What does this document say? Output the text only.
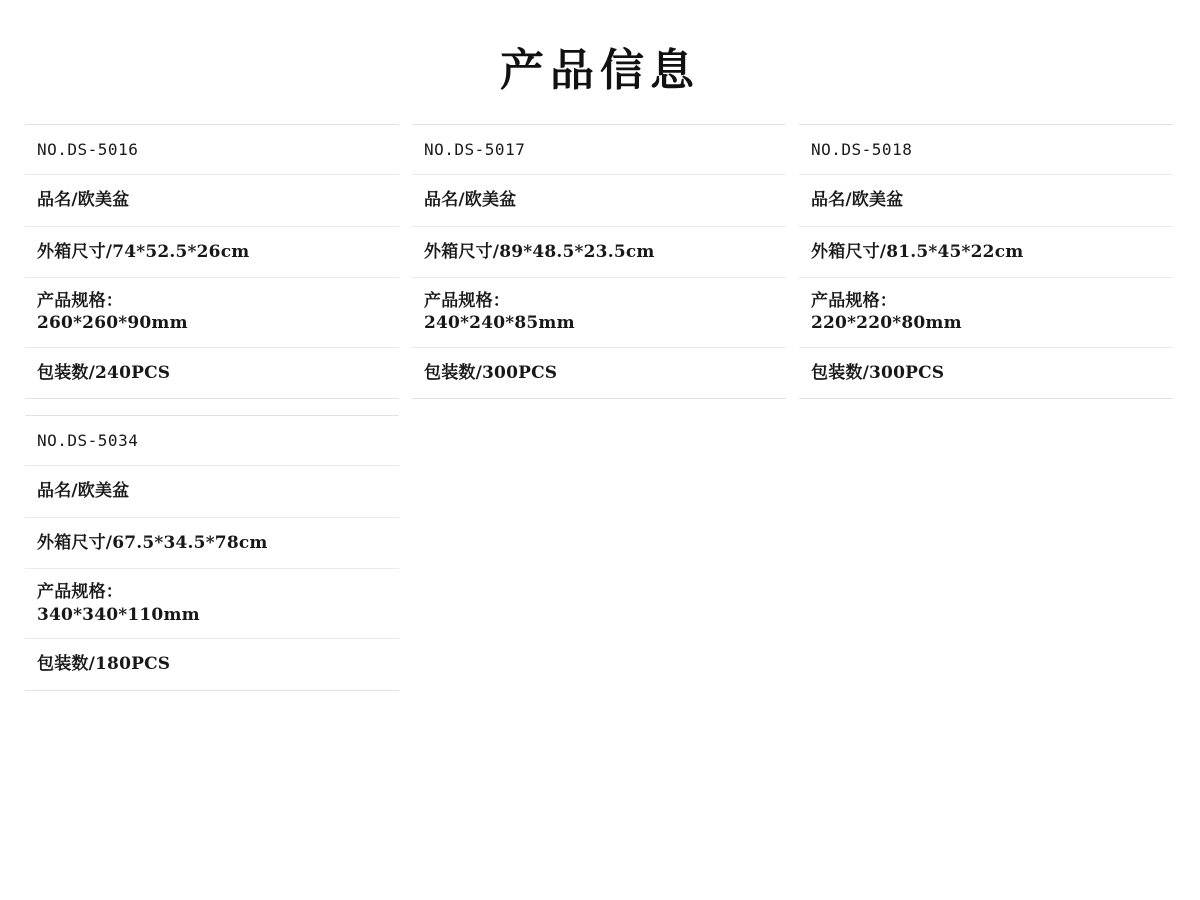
产品信息
NO.DS-5016
品名/欧美盆
外箱尺寸/74*52.5*26cm
产品规格：
260*260*90mm
包装数/240PCS
NO.DS-5017
品名/欧美盆
外箱尺寸/89*48.5*23.5cm
产品规格：
240*240*85mm
包装数/300PCS
NO.DS-5018
品名/欧美盆
外箱尺寸/81.5*45*22cm
产品规格：
220*220*80mm
包装数/300PCS
NO.DS-5034
品名/欧美盆
外箱尺寸/67.5*34.5*78cm
产品规格：
340*340*110mm
包装数/180PCS
